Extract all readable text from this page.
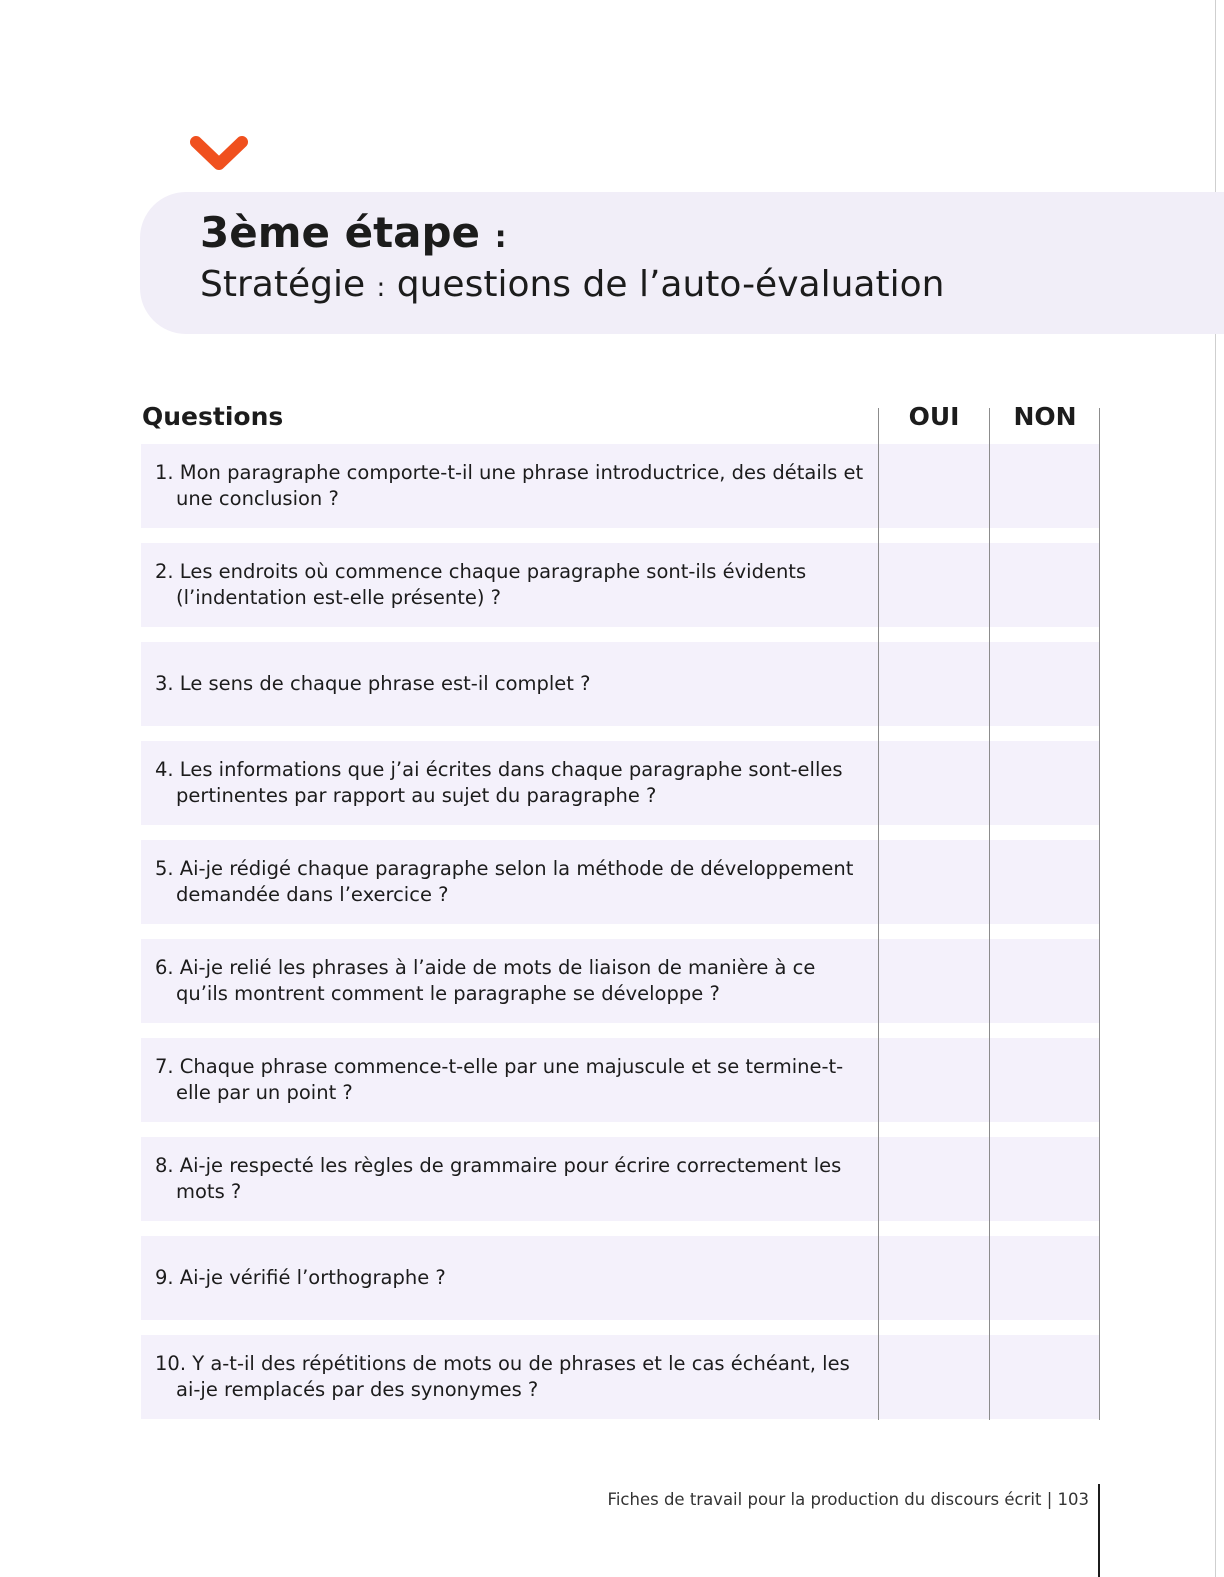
3ème étape :
Stratégie : questions de l’auto-évaluation
Questions	OUI	NON
1. Mon paragraphe comporte-t-il une phrase introductrice, des détails et une conclusion ?
2. Les endroits où commence chaque paragraphe sont-ils évidents (l’indentation est-elle présente) ?
3. Le sens de chaque phrase est-il complet ?
4. Les informations que j’ai écrites dans chaque paragraphe sont-elles pertinentes par rapport au sujet du paragraphe ?
5. Ai-je rédigé chaque paragraphe selon la méthode de développement demandée dans l’exercice ?
6. Ai-je relié les phrases à l’aide de mots de liaison de manière à ce qu’ils montrent comment le paragraphe se développe ?
7. Chaque phrase commence-t-elle par une majuscule et se termine-t-elle par un point ?
8. Ai-je respecté les règles de grammaire pour écrire correctement les mots ?
9. Ai-je vérifié l’orthographe ?
10. Y a-t-il des répétitions de mots ou de phrases et le cas échéant, les ai-je remplacés par des synonymes ?
Fiches de travail pour la production du discours écrit | 103
